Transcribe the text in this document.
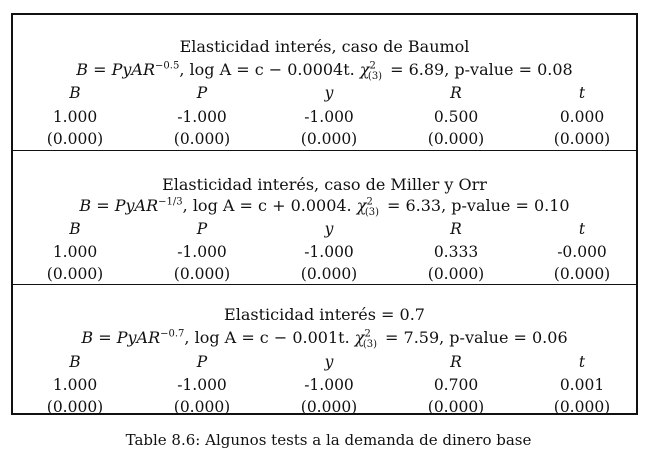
Elasticidad interés, caso de Baumol
B = PyAR$^{-0.5}$, log A = c − 0.0004t. $\chi^2_{(3)} = 6.89$, p-value = 0.08
B	P	y	R	t
1.000	-1.000	-1.000	0.500	0.000
(0.000)	(0.000)	(0.000)	(0.000)	(0.000)
Elasticidad interés, caso de Miller y Orr
B = PyAR$^{-1/3}$, log A = c + 0.0004. $\chi^2_{(3)} = 6.33$, p-value = 0.10
B	P	y	R	t
1.000	-1.000	-1.000	0.333	-0.000
(0.000)	(0.000)	(0.000)	(0.000)	(0.000)
Elasticidad interés = 0.7
B = PyAR$^{-0.7}$, log A = c − 0.001t. $\chi^2_{(3)} = 7.59$, p-value = 0.06
B	P	y	R	t
1.000	-1.000	-1.000	0.700	0.001
(0.000)	(0.000)	(0.000)	(0.000)	(0.000)
Table 8.6: Algunos tests a la demanda de dinero base
